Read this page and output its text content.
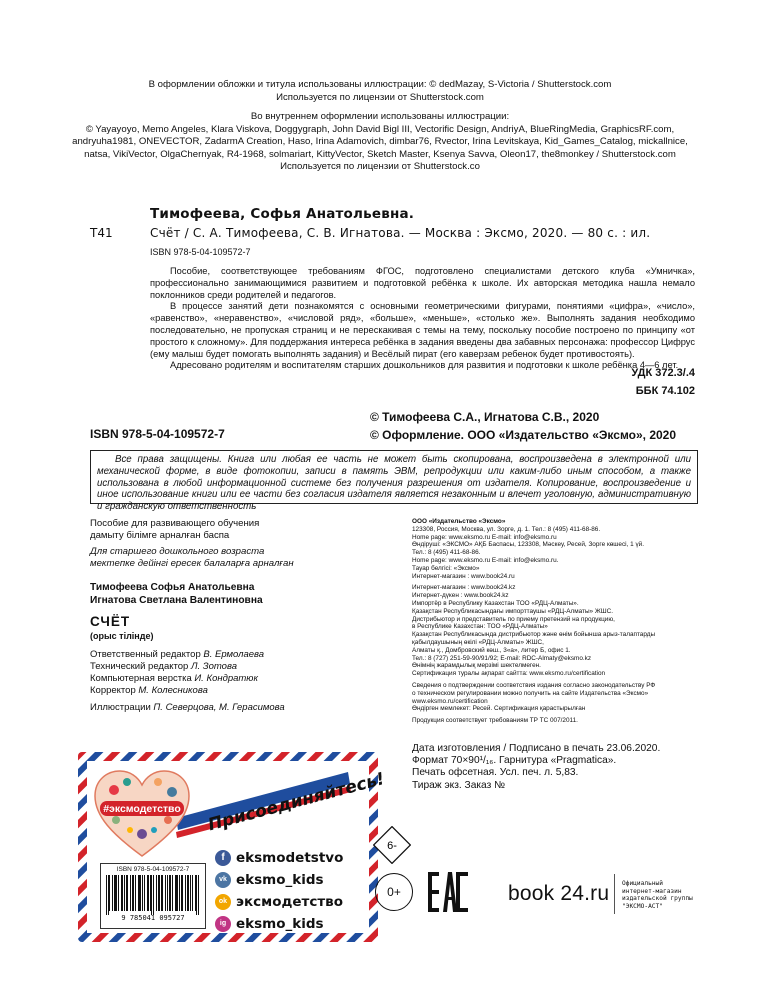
В оформлении обложки и титула использованы иллюстрации: © dedMazay, S-Victoria / Shutterstock.com
Используется по лицензии от Shutterstock.com
Во внутреннем оформлении использованы иллюстрации:
© Yayayoyo, Memo Angeles, Klara Viskova, Doggygraph, John David Bigl III, Vectorific Design, AndriyA, BlueRingMedia, GraphicsRF.com,
andryuha1981, ONEVECTOR, ZadarmA Creation, Haso, Irina Adamovich, dimbar76, Rvector, Irina Levitskaya, Kid_Games_Catalog, mickallnice,
natsa, VikiVector, OlgaChernyak, R4-1968, solmariart, KittyVector, Sketch Master, Ksenya Savva, Oleon17, the8monkey / Shutterstock.com
Используется по лицензии от Shutterstock.co
Тимофеева, Софья Анатольевна.
Т41	Счёт / С. А. Тимофеева, С. В. Игнатова. — Москва : Эксмо, 2020. — 80 с. : ил.
ISBN 978-5-04-109572-7

Пособие, соответствующее требованиям ФГОС, подготовлено специалистами детского клуба «Умничка», профессионально занимающимися развитием и подготовкой ребёнка к школе. Их авторская методика нашла немало поклонников среди родителей и педагогов.

В процессе занятий дети познакомятся с основными геометрическими фигурами, понятиями «цифра», «число», «равенство», «неравенство», «числовой ряд», «больше», «меньше», «столько же». Выполнять задания необходимо последовательно, не пропуская страниц и не перескакивая с темы на тему, поскольку пособие построено по принципу «от простого к сложному». Для поддержания интереса ребёнка в задания введены два забавных персонажа: профессор Цифрус (ему малыш будет помогать выполнять задания) и Весёлый пират (его каверзам ребенок будет противостоять).

Адресовано родителям и воспитателям старших дошкольников для развития и подготовки к школе ребёнка 4—6 лет.

УДК 372.3/.4
ББК 74.102
© Тимофеева С.А., Игнатова С.В., 2020
© Оформление. ООО «Издательство «Эксмо», 2020
ISBN 978-5-04-109572-7
Все права защищены. Книга или любая ее часть не может быть скопирована, воспроизведена в электронной или механической форме, в виде фотокопии, записи в память ЭВМ, репродукции или каким-либо иным способом, а также использована в любой информационной системе без получения разрешения от издателя. Копирование, воспроизведение и иное использование книги или ее части без согласия издателя является незаконным и влечет уголовную, административную и гражданскую ответственность
Пособие для развивающего обучения
дамыту білімге арналған баспа
Для старшего дошкольного возраста
мектепке дейінгі ересек балаларға арналған
Тимофеева Софья Анатольевна
Игнатова Светлана Валентиновна
СЧЁТ
(орыс тілінде)
Ответственный редактор В. Ермолаева
Технический редактор Л. Зотова
Компьютерная верстка И. Кондратюк
Корректор М. Колесникова
Иллюстрации П. Северцова, М. Герасимова
ООО «Издательство «Эксмо»
123308, Россия, Москва, ул. Зорге, д. 1. Тел.: 8 (495) 411-68-86.
Home page: www.eksmo.ru E-mail: info@eksmo.ru
Өндіруші: «ЭКСМО» АҚБ Баспасы, 123308, Мәскеу, Ресей, Зорге көшесі, 1 үй.
Тел.: 8 (495) 411-68-86.
Home page: www.eksmo.ru E-mail: info@eksmo.ru.
Тауар белгісі: «Эксмо»
Интернет-магазин : www.book24.ru
Интернет-магазин : www.book24.kz
Интернет-дүкен : www.book24.kz
Импортёр в Республику Казахстан ТОО «РДЦ-Алматы».
Қазақстан Республикасындағы импорттаушы «РДЦ-Алматы» ЖШС.
Дистрибьютор и представитель по приему претензий на продукцию,
в Республике Казахстан: ТОО «РДЦ-Алматы»
Қазақстан Республикасында дистрибьютор және өнім бойынша арыз-талаптарды
қабылдаушының өкілі «РДЦ-Алматы» ЖШС,
Алматы қ., Домбровский көш., 3«а», литер Б, офис 1.
Тел.: 8 (727) 251-59-90/91/92; E-mail: RDC-Almaty@eksmo.kz
Өнімнің жарамдылық мерзімі шектелмеген.
Сертификация туралы ақпарат сайтта: www.eksmo.ru/certification
Сведения о подтверждении соответствия издания согласно законодательству РФ
о техническом регулировании можно получить на сайте Издательства «Эксмо»
www.eksmo.ru/certification
Өндірген мемлекет: Ресей. Сертификация қарастырылған
Продукция соответствует требованиям ТР ТС 007/2011.
Дата изготовления / Подписано в печать 23.06.2020.
Формат 70×90¹/₁₆. Гарнитура «Pragmatica».
Печать офсетная. Усл. печ. л. 5,83.
Тираж экз. Заказ №
#эксмодетство Присоединяйтесь!
ISBN 978-5-04-109572-7
9 785041 095727
f eksmodetstvo
vk eksmo_kids
ok эксмодетство
ig eksmo_kids
6-
0+	book 24.ru Официальный
интернет-магазин
издательской группы
"ЭКСМО-АСТ"
